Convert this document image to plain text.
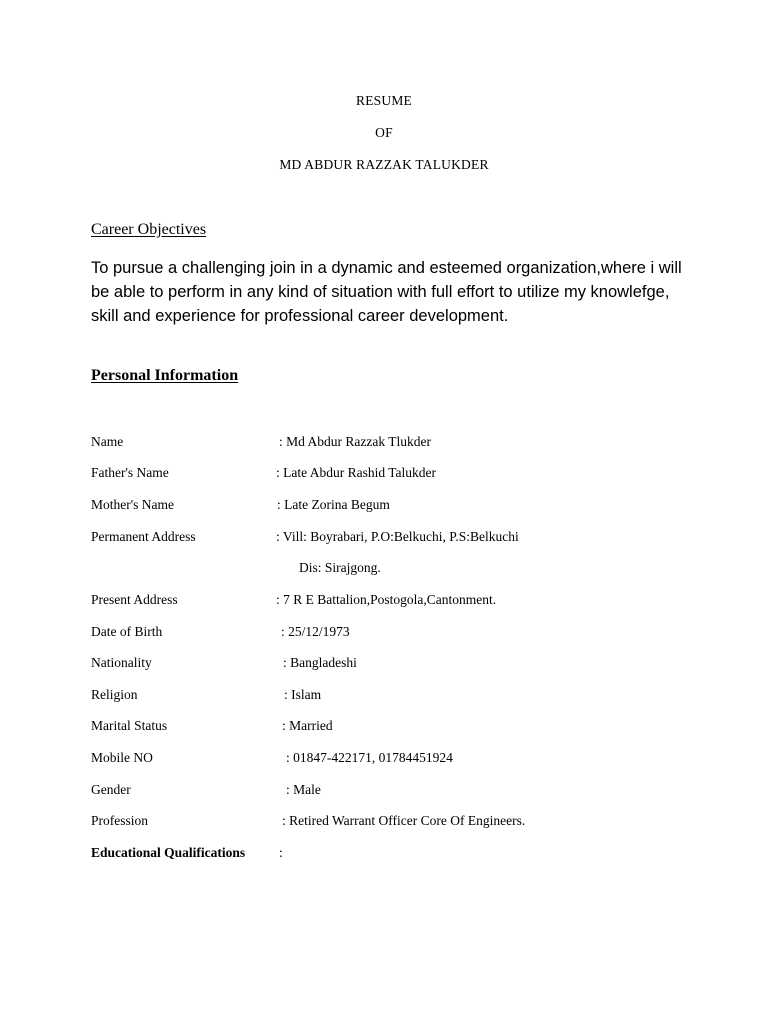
RESUME
OF
MD ABDUR RAZZAK TALUKDER
Career Objectives
To pursue a challenging join in a dynamic and esteemed organization,where i will be able to perform in any kind of situation with full effort to utilize my knowlefge, skill and experience for professional career development.
Personal Information
Name	: Md Abdur Razzak Tlukder
Father's Name	: Late Abdur Rashid Talukder
Mother's Name	: Late Zorina Begum
Permanent Address	: Vill: Boyrabari, P.O:Belkuchi, P.S:Belkuchi
Dis: Sirajgong.
Present Address	: 7 R E Battalion,Postogola,Cantonment.
Date of Birth	: 25/12/1973
Nationality	: Bangladeshi
Religion	: Islam
Marital Status	: Married
Mobile NO	: 01847-422171, 01784451924
Gender	: Male
Profession	: Retired Warrant Officer Core Of Engineers.
Educational Qualifications	:
